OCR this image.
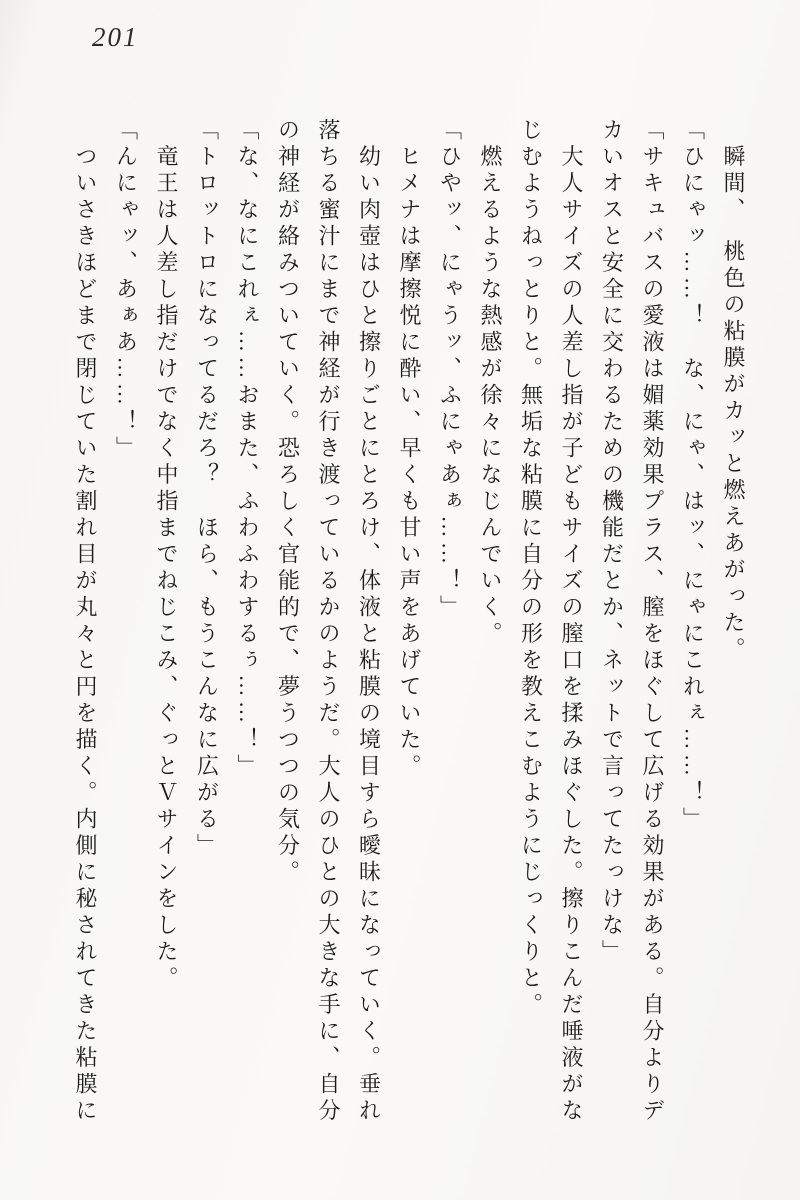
201

　瞬間、　桃色の粘膜がカッと燃えあがった。

「ひにゃッ……！　な、にゃ、はッ、にゃにこれぇ……！」

「サキュバスの愛液は媚薬効果プラス、膣をほぐして広げる効果がある。自分よりデカいオスと安全に交わるための機能だとか、ネットで言ってたっけな」

　大人サイズの人差し指が子どもサイズの膣口を揉みほぐした。擦りこんだ唾液がなじむようねっとりと。無垢な粘膜に自分の形を教えこむようにじっくりと。

　燃えるような熱感が徐々になじんでいく。

「ひやッ、にゃうッ、ふにゃあぁ……！」

　ヒメナは摩擦悦に酔い、早くも甘い声をあげていた。

　幼い肉壺はひと擦りごとにとろけ、体液と粘膜の境目すら曖昧になっていく。垂れ落ちる蜜汁にまで神経が行き渡っているかのようだ。大人のひとの大きな手に、自分の神経が絡みついていく。恐ろしく官能的で、夢うつつの気分。

「な、なにこれぇ……おまた、ふわふわするぅ……！」

「トロットロになってるだろ？　ほら、もうこんなに広がる」

　竜王は人差し指だけでなく中指までねじこみ、ぐっとＶサインをした。

「んにゃッ、あぁあ……！」

　ついさきほどまで閉じていた割れ目が丸々と円を描く。内側に秘されてきた粘膜に
